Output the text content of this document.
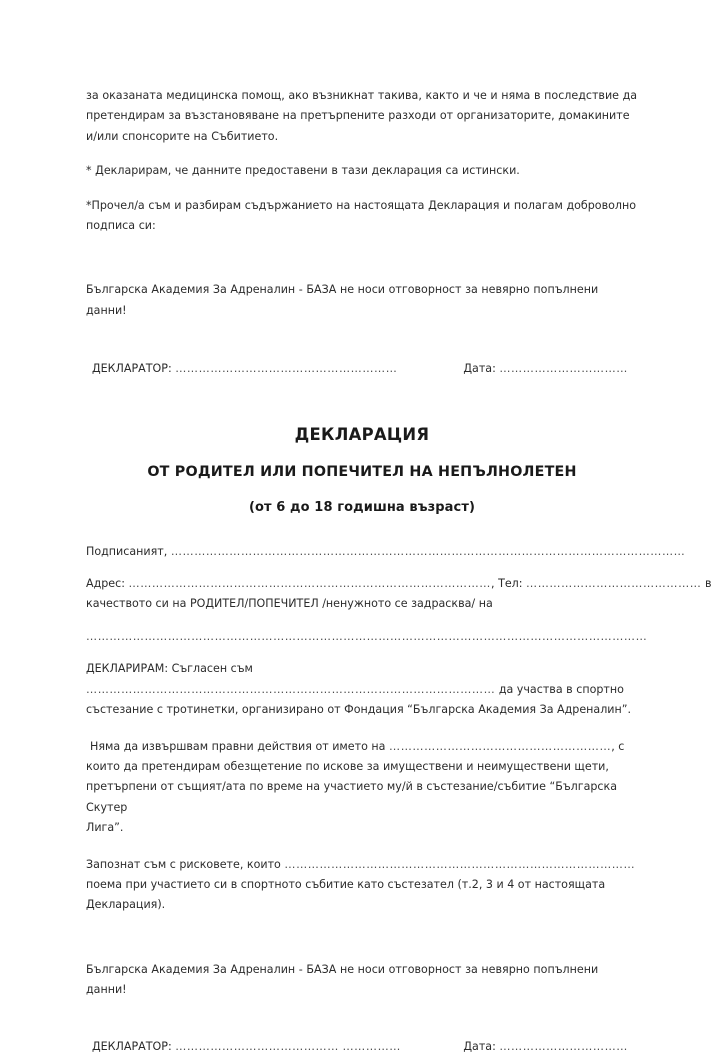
за оказаната медицинска помощ, ако възникнат такива, както и че и няма в последствие да претендирам за възстановяване на претърпените разходи от организаторите, домакините и/или спонсорите на Събитието.

* Декларирам, че данните предоставени в тази декларация са истински.

*Прочел/а съм и разбирам съдържанието на настоящата Декларация и полагам доброволно подписа си:

Българска Академия За Адреналин - БАЗА не носи отговорност за невярно попълнени данни!

ДЕКЛАРАТОР: …………………………………………………	Дата: ……………………………
ДЕКЛАРАЦИЯ
ОТ РОДИТЕЛ ИЛИ ПОПЕЧИТЕЛ НА НЕПЪЛНОЛЕТЕН
(от 6 до 18 годишна възраст)

Подписаният, ……………………………………………………………………………………………………………………

Адрес: …………………………………………………………………………………, Тел: ……………………………………… в

качеството си на РОДИТЕЛ/ПОПЕЧИТЕЛ /ненужното се задрасква/ на

………………………………………………………………………………………………………………………………

ДЕКЛАРИРАМ: Съгласен съм

…………………………………………………………………………………………… да участва в спортно

състезание с тротинетки, организирано от Фондация “Българска Академия За Адреналин”.

Няма да извършвам правни действия от името на …………………………………………………, с

които да претендирам обезщетение по искове за имуществени и неимуществени щети,

претърпени от същият/ата по време на участието му/й в състезание/събитие “Българска Скутер

Лига”.

Запознат съм с рисковете, които ………………………………………………………………………………

поема при участието си в спортното събитие като състезател (т.2, 3 и 4 от настоящата

Декларация).

Българска Академия За Адреналин - БАЗА не носи отговорност за невярно попълнени данни!

ДЕКЛАРАТОР: …………………………………… ……………	Дата: ……………………………
